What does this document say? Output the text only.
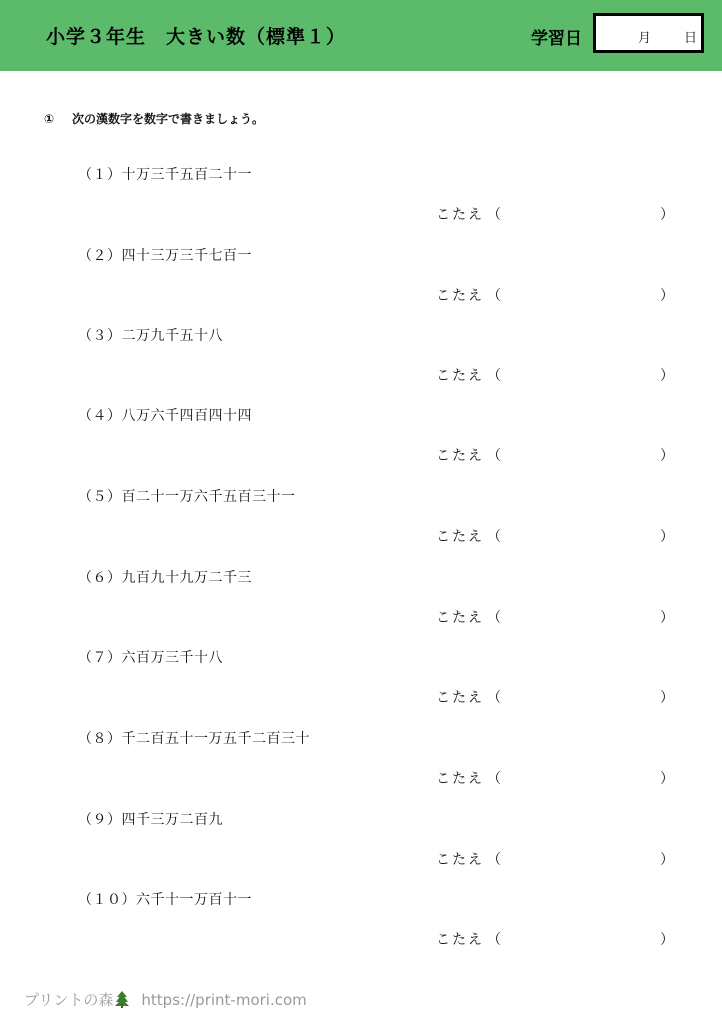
小学３年生　大きい数（標準１）	学習日	月	日
① 次の漢数字を数字で書きましょう。
（１）十万三千五百二十一
こたえ （	）
（２）四十三万三千七百一
こたえ （	）
（３）二万九千五十八
こたえ （	）
（４）八万六千四百四十四
こたえ （	）
（５）百二十一万六千五百三十一
こたえ （	）
（６）九百九十九万二千三
こたえ （	）
（７）六百万三千十八
こたえ （	）
（８）千二百五十一万五千二百三十
こたえ （	）
（９）四千三万二百九
こたえ （	）
（１０）六千十一万百十一
こたえ （	）
プリントの森 https://print-mori.com
